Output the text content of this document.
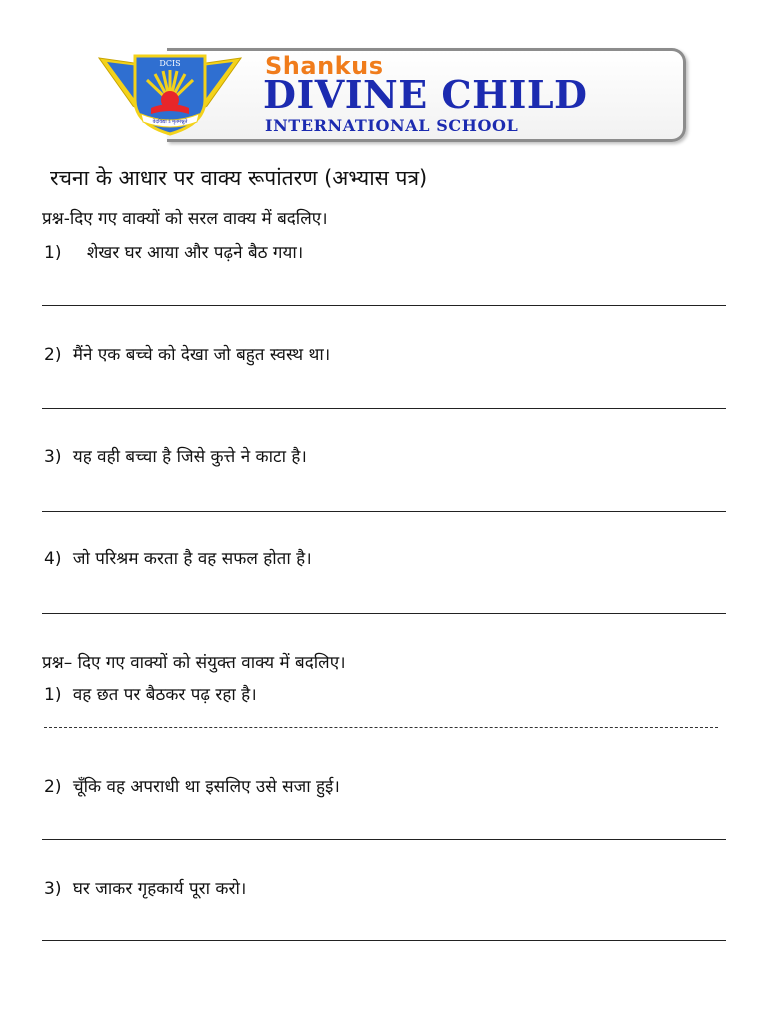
DCIS
वेदविद्या ऽ मृतमश्नुते
Shankus
DIVINE CHILD
INTERNATIONAL SCHOOL
रचना के आधार पर वाक्य रूपांतरण (अभ्यास पत्र)
प्रश्न-दिए गए वाक्यों को सरल वाक्य में बदलिए।
1) शेखर घर आया और पढ़ने बैठ गया।
2) मैंने एक बच्चे को देखा जो बहुत स्वस्थ था।
3) यह वही बच्चा है जिसे कुत्ते ने काटा है।
4) जो परिश्रम करता है वह सफल होता है।
प्रश्न– दिए गए वाक्यों को संयुक्त वाक्य में बदलिए।
1) वह छत पर बैठकर पढ़ रहा है।
2) चूँकि वह अपराधी था इसलिए उसे सजा हुई।
3) घर जाकर गृहकार्य पूरा करो।
